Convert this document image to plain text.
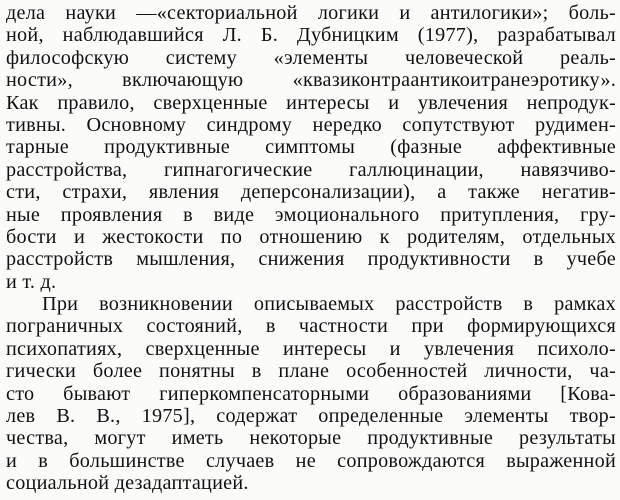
дела науки —«секториальной логики и антилогики»; боль-
ной, наблюдавшийся Л. Б. Дубницким (1977), разрабатывал
философскую систему «элементы человеческой реаль-
ности», включающую «квазиконтраантикоитранеэротику».
Как правило, сверхценные интересы и увлечения непродук-
тивны. Основному синдрому нередко сопутствуют рудимен-
тарные продуктивные симптомы (фазные аффективные
расстройства, гипнагогические галлюцинации, навязчиво-
сти, страхи, явления деперсонализации), а также негатив-
ные проявления в виде эмоционального притупления, гру-
бости и жестокости по отношению к родителям, отдельных
расстройств мышления, снижения продуктивности в учебе
и т. д.
При возникновении описываемых расстройств в рамках
пограничных состояний, в частности при формирующихся
психопатиях, сверхценные интересы и увлечения психоло-
гически более понятны в плане особенностей личности, ча-
сто бывают гиперкомпенсаторными образованиями [Кова-
лев В. В., 1975], содержат определенные элементы твор-
чества, могут иметь некоторые продуктивные результаты
и в большинстве случаев не сопровождаются выраженной
социальной дезадаптацией.
